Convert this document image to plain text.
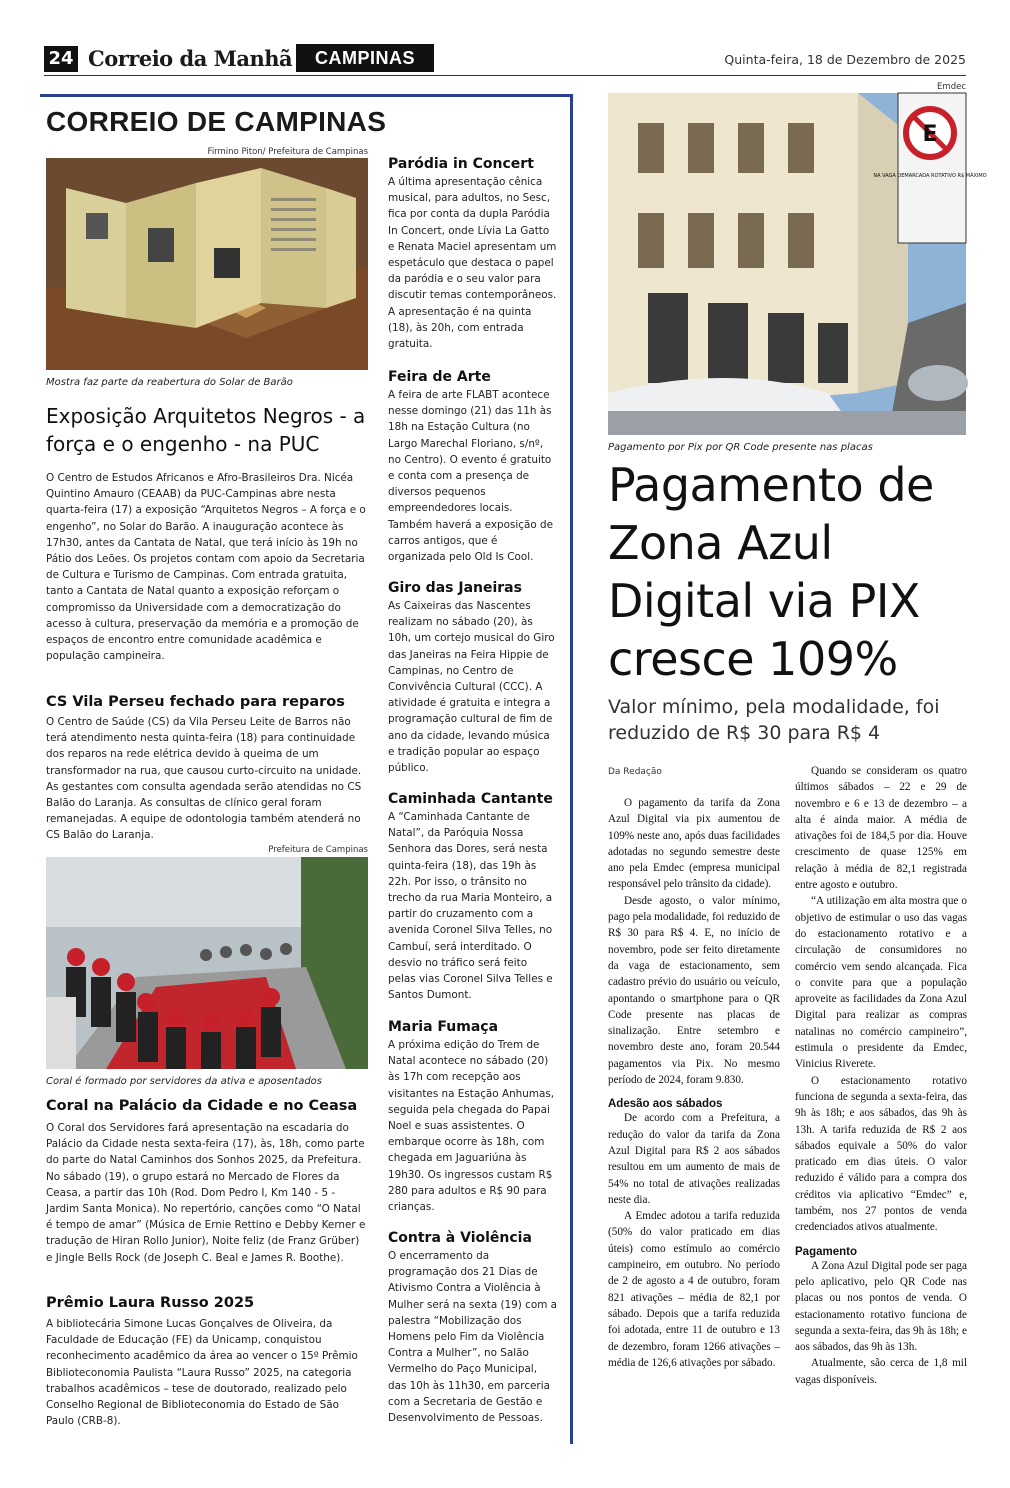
24 Correio da Manhã	CAMPINAS	Quinta-feira, 18 de Dezembro de 2025
CORREIO DE CAMPINAS
Firmino Piton/ Prefeitura de Campinas
Mostra faz parte da reabertura do Solar de Barão
Exposição Arquitetos Negros - a força e o engenho - na PUC
O Centro de Estudos Africanos e Afro-Brasileiros Dra. Nicéa Quintino Amauro (CEAAB) da PUC-Campinas abre nesta quarta-feira (17) a exposição “Arquitetos Negros – A força e o engenho”, no Solar do Barão. A inauguração acontece às 17h30, antes da Cantata de Natal, que terá início às 19h no Pátio dos Leões. Os projetos contam com apoio da Secretaria de Cultura e Turismo de Campinas. Com entrada gratuita, tanto a Cantata de Natal quanto a exposição reforçam o compromisso da Universidade com a democratização do acesso à cultura, preservação da memória e a promoção de espaços de encontro entre comunidade acadêmica e população campineira.
CS Vila Perseu fechado para reparos
O Centro de Saúde (CS) da Vila Perseu Leite de Barros não terá atendimento nesta quinta-feira (18) para continuidade dos reparos na rede elétrica devido à queima de um transformador na rua, que causou curto-circuito na unidade. As gestantes com consulta agendada serão atendidas no CS Balão do Laranja. As consultas de clínico geral foram remanejadas. A equipe de odontologia também atenderá no CS Balão do Laranja.
Prefeitura de Campinas
Coral é formado por servidores da ativa e aposentados
Coral na Palácio da Cidade e no Ceasa
O Coral dos Servidores fará apresentação na escadaria do Palácio da Cidade nesta sexta-feira (17), às, 18h, como parte do parte do Natal Caminhos dos Sonhos 2025, da Prefeitura. No sábado (19), o grupo estará no Mercado de Flores da Ceasa, a partir das 10h (Rod. Dom Pedro I, Km 140 - 5 - Jardim Santa Monica). No repertório, canções como “O Natal é tempo de amar” (Música de Ernie Rettino e Debby Kerner e tradução de Hiran Rollo Junior), Noite feliz (de Franz Grüber) e Jingle Bells Rock (de Joseph C. Beal e James R. Boothe).
Prêmio Laura Russo 2025
A bibliotecária Simone Lucas Gonçalves de Oliveira, da Faculdade de Educação (FE) da Unicamp, conquistou reconhecimento acadêmico da área ao vencer o 15º Prêmio Biblioteconomia Paulista “Laura Russo” 2025, na categoria trabalhos acadêmicos – tese de doutorado, realizado pelo Conselho Regional de Biblioteconomia do Estado de São Paulo (CRB-8).
Paródia in Concert
A última apresentação cênica musical, para adultos, no Sesc, fica por conta da dupla Paródia In Concert, onde Lívia La Gatto e Renata Maciel apresentam um espetáculo que destaca o papel da paródia e o seu valor para discutir temas contemporâneos. A apresentação é na quinta (18), às 20h, com entrada gratuita.
Feira de Arte
A feira de arte FLABT acontece nesse domingo (21) das 11h às 18h na Estação Cultura (no Largo Marechal Floriano, s/nº, no Centro). O evento é gratuito e conta com a presença de diversos pequenos empreendedores locais. Também haverá a exposição de carros antigos, que é organizada pelo Old Is Cool.
Giro das Janeiras
As Caixeiras das Nascentes realizam no sábado (20), às 10h, um cortejo musical do Giro das Janeiras na Feira Hippie de Campinas, no Centro de Convivência Cultural (CCC). A atividade é gratuita e integra a programação cultural de fim de ano da cidade, levando música e tradição popular ao espaço público.
Caminhada Cantante
A “Caminhada Cantante de Natal”, da Paróquia Nossa Senhora das Dores, será nesta quinta-feira (18), das 19h às 22h. Por isso, o trânsito no trecho da rua Maria Monteiro, a partir do cruzamento com a avenida Coronel Silva Telles, no Cambuí, será interditado. O desvio no tráfico será feito pelas vias Coronel Silva Telles e Santos Dumont.
Maria Fumaça
A próxima edição do Trem de Natal acontece no sábado (20) às 17h com recepção aos visitantes na Estação Anhumas, seguida pela chegada do Papai Noel e suas assistentes. O embarque ocorre às 18h, com chegada em Jaguariúna às 19h30. Os ingressos custam R$ 280 para adultos e R$ 90 para crianças.
Contra à Violência
O encerramento da programação dos 21 Dias de Ativismo Contra a Violência à Mulher será na sexta (19) com a palestra “Mobilização dos Homens pelo Fim da Violência Contra a Mulher”, no Salão Vermelho do Paço Municipal, das 10h às 11h30, em parceria com a Secretaria de Gestão e Desenvolvimento de Pessoas.
Emdec
E
NA VAGA DEMARCADA ROTATIVO R$ MÁXIMO
Pagamento por Pix por QR Code presente nas placas
Pagamento de Zona Azul Digital via PIX cresce 109%
Valor mínimo, pela modalidade, foi reduzido de R$ 30 para R$ 4
Da Redação

O pagamento da tarifa da Zona Azul Digital via pix aumentou de 109% neste ano, após duas facilidades adotadas no segundo semestre deste ano pela Emdec (empresa municipal responsável pelo trânsito da cidade).

Desde agosto, o valor mínimo, pago pela modalidade, foi reduzido de R$ 30 para R$ 4. E, no início de novembro, pode ser feito diretamente da vaga de estacionamento, sem cadastro prévio do usuário ou veículo, apontando o smartphone para o QR Code presente nas placas de sinalização. Entre setembro e novembro deste ano, foram 20.544 pagamentos via Pix. No mesmo período de 2024, foram 9.830.

Adesão aos sábados

De acordo com a Prefeitura, a redução do valor da tarifa da Zona Azul Digital para R$ 2 aos sábados resultou em um aumento de mais de 54% no total de ativações realizadas neste dia.

A Emdec adotou a tarifa reduzida (50% do valor praticado em dias úteis) como estímulo ao comércio campineiro, em outubro. No período de 2 de agosto a 4 de outubro, foram 821 ativações – média de 82,1 por sábado. Depois que a tarifa reduzida foi adotada, entre 11 de outubro e 13 de dezembro, foram 1266 ativações – média de 126,6 ativações por sábado.

Quando se consideram os quatro últimos sábados – 22 e 29 de novembro e 6 e 13 de dezembro – a alta é ainda maior. A média de ativações foi de 184,5 por dia. Houve crescimento de quase 125% em relação à média de 82,1 registrada entre agosto e outubro.

“A utilização em alta mostra que o objetivo de estimular o uso das vagas do estacionamento rotativo e a circulação de consumidores no comércio vem sendo alcançada. Fica o convite para que a população aproveite as facilidades da Zona Azul Digital para realizar as compras natalinas no comércio campineiro”, estimula o presidente da Emdec, Vinicius Riverete.

O estacionamento rotativo funciona de segunda a sexta-feira, das 9h às 18h; e aos sábados, das 9h às 13h. A tarifa reduzida de R$ 2 aos sábados equivale a 50% do valor praticado em dias úteis. O valor reduzido é válido para a compra dos créditos via aplicativo “Emdec” e, também, nos 27 pontos de venda credenciados ativos atualmente.

Pagamento

A Zona Azul Digital pode ser paga pelo aplicativo, pelo QR Code nas placas ou nos pontos de venda. O estacionamento rotativo funciona de segunda a sexta-feira, das 9h às 18h; e aos sábados, das 9h às 13h.

Atualmente, são cerca de 1,8 mil vagas disponíveis.
